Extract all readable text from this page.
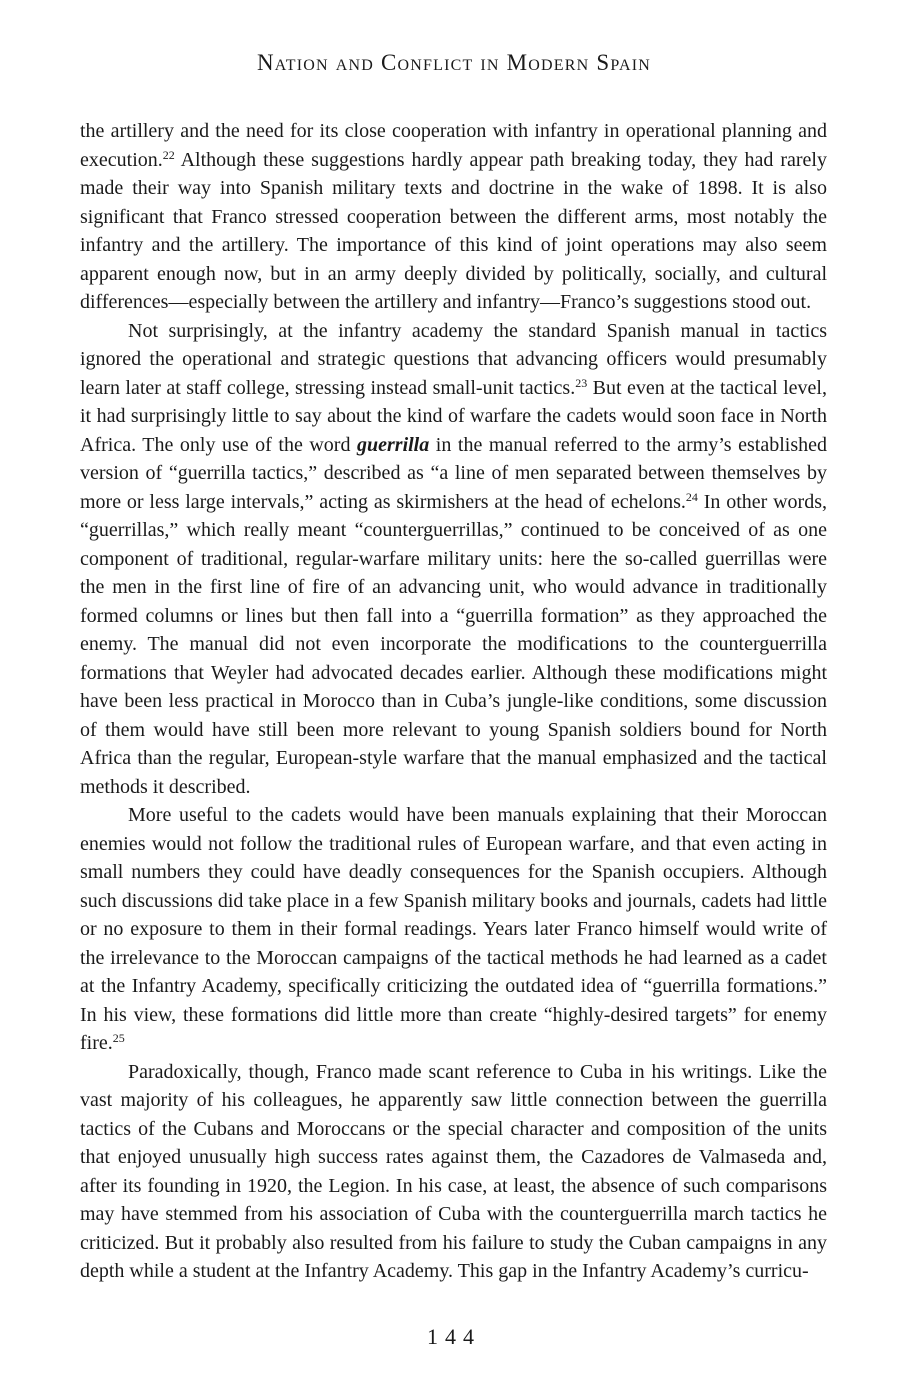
Nation and Conflict in Modern Spain

the artillery and the need for its close cooperation with infantry in operational planning and execution.$^{22}$ Although these suggestions hardly appear path breaking today, they had rarely made their way into Spanish military texts and doctrine in the wake of 1898. It is also significant that Franco stressed cooperation between the different arms, most notably the infantry and the artillery. The importance of this kind of joint operations may also seem apparent enough now, but in an army deeply divided by politically, socially, and cultural differences—especially between the artillery and infantry—Franco’s suggestions stood out.

Not surprisingly, at the infantry academy the standard Spanish manual in tactics ignored the operational and strategic questions that advancing officers would presumably learn later at staff college, stressing instead small-unit tactics.$^{23}$ But even at the tactical level, it had surprisingly little to say about the kind of warfare the cadets would soon face in North Africa. The only use of the word guerrilla in the manual referred to the army’s established version of “guerrilla tactics,” described as “a line of men separated between themselves by more or less large intervals,” acting as skirmishers at the head of echelons.$^{24}$ In other words, “guerrillas,” which really meant “counterguerrillas,” continued to be conceived of as one component of traditional, regular-warfare military units: here the so-called guerrillas were the men in the first line of fire of an advancing unit, who would advance in traditionally formed columns or lines but then fall into a “guerrilla formation” as they approached the enemy. The manual did not even incorporate the modifications to the counterguerrilla formations that Weyler had advocated decades earlier. Although these modifications might have been less practical in Morocco than in Cuba’s jungle-like conditions, some discussion of them would have still been more relevant to young Spanish soldiers bound for North Africa than the regular, European-style warfare that the manual emphasized and the tactical methods it described.

More useful to the cadets would have been manuals explaining that their Moroccan enemies would not follow the traditional rules of European warfare, and that even acting in small numbers they could have deadly consequences for the Spanish occupiers. Although such discussions did take place in a few Spanish military books and journals, cadets had little or no exposure to them in their formal readings. Years later Franco himself would write of the irrelevance to the Moroccan campaigns of the tactical methods he had learned as a cadet at the Infantry Academy, specifically criticizing the outdated idea of “guerrilla formations.” In his view, these formations did little more than create “highly-desired targets” for enemy fire.$^{25}$

Paradoxically, though, Franco made scant reference to Cuba in his writings. Like the vast majority of his colleagues, he apparently saw little connection between the guerrilla tactics of the Cubans and Moroccans or the special character and composition of the units that enjoyed unusually high success rates against them, the Cazadores de Valmaseda and, after its founding in 1920, the Legion. In his case, at least, the absence of such comparisons may have stemmed from his association of Cuba with the counterguerrilla march tactics he criticized. But it probably also resulted from his failure to study the Cuban campaigns in any depth while a student at the Infantry Academy. This gap in the Infantry Academy’s curricu-

144
